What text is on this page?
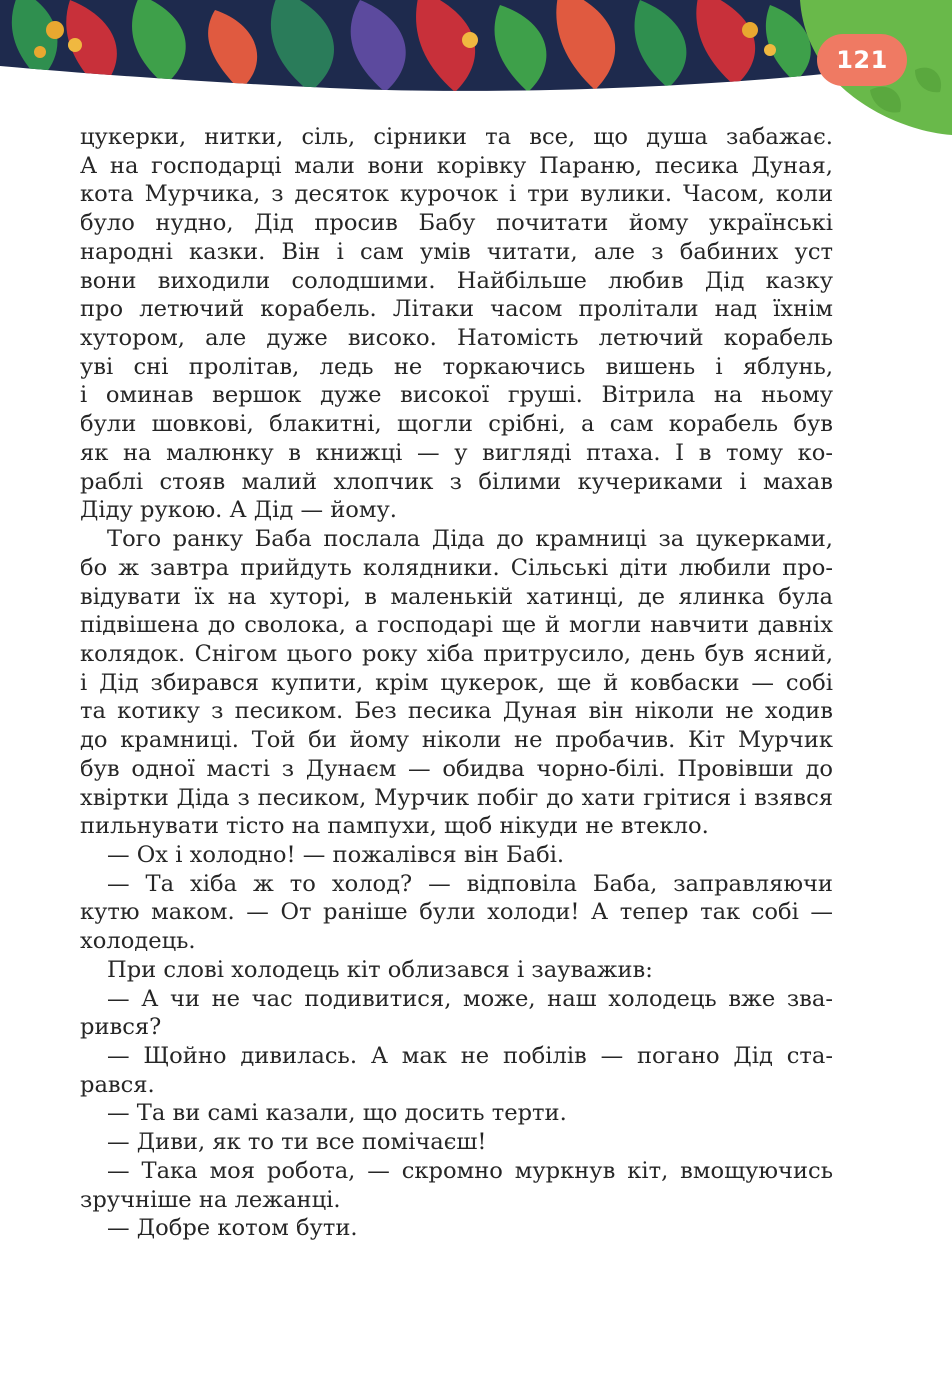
121
цукерки, нитки, сіль, сірники та все, що душа забажає.
А на господарці мали вони корівку Параню, песика Дуная,
кота Мурчика, з десяток курочок і три вулики. Часом, коли
було нудно, Дід просив Бабу почитати йому українські
народні казки. Він і сам умів читати, але з бабиних уст
вони виходили солодшими. Найбільше любив Дід казку
про летючий корабель. Літаки часом пролітали над їхнім
хутором, але дуже високо. Натомість летючий корабель
уві сні пролітав, ледь не торкаючись вишень і яблунь,
і оминав вершок дуже високої груші. Вітрила на ньому
були шовкові, блакитні, щогли срібні, а сам корабель був
як на малюнку в книжці — у вигляді птаха. І в тому ко-
раблі стояв малий хлопчик з білими кучериками і махав
Діду рукою. А Дід — йому.
Того ранку Баба послала Діда до крамниці за цукерками,
бо ж завтра прийдуть колядники. Сільські діти любили про-
відувати їх на хуторі, в маленькій хатинці, де ялинка була
підвішена до сволока, а господарі ще й могли навчити давніх
колядок. Снігом цього року хіба притрусило, день був ясний,
і Дід збирався купити, крім цукерок, ще й ковбаски — собі
та котику з песиком. Без песика Дуная він ніколи не ходив
до крамниці. Той би йому ніколи не пробачив. Кіт Мурчик
був одної масті з Дунаєм — обидва чорно-білі. Провівши до
хвіртки Діда з песиком, Мурчик побіг до хати грітися і взявся
пильнувати тісто на пампухи, щоб нікуди не втекло.
— Ох і холодно! — пожалівся він Бабі.
— Та хіба ж то холод? — відповіла Баба, заправляючи
кутю маком. — От раніше були холоди! А тепер так собі —
холодець.
При слові холодець кіт облизався і зауважив:
— А чи не час подивитися, може, наш холодець вже зва-
рився?
— Щойно дивилась. А мак не побілів — погано Дід ста-
рався.
— Та ви самі казали, що досить терти.
— Диви, як то ти все помічаєш!
— Така моя робота, — скромно муркнув кіт, вмощуючись
зручніше на лежанці.
— Добре котом бути.
